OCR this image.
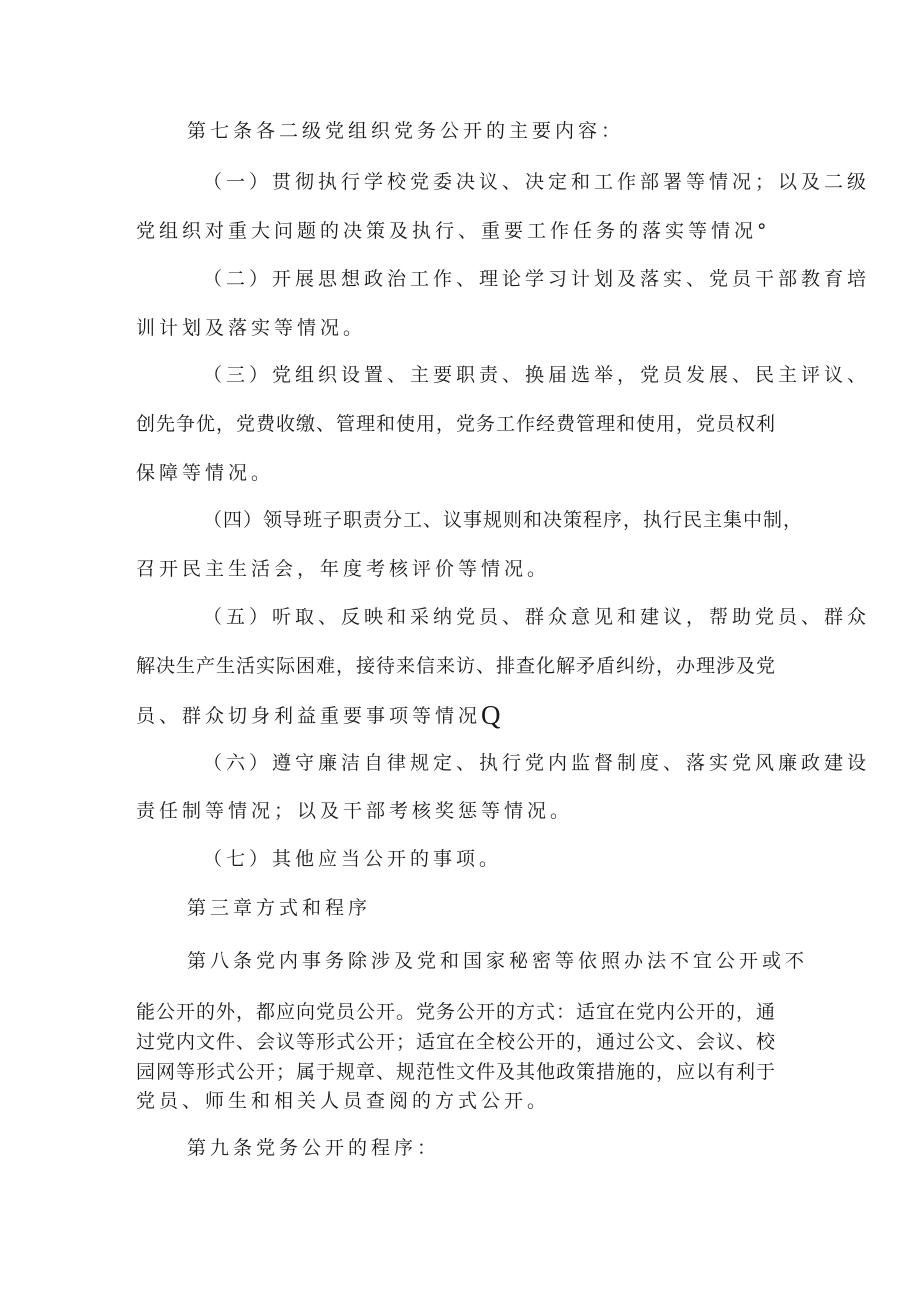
第七条各二级党组织党务公开的主要内容：

（一）贯彻执行学校党委决议、决定和工作部署等情况；以及二级

党组织对重大问题的决策及执行、重要工作任务的落实等情况°

（二）开展思想政治工作、理论学习计划及落实、党员干部教育培

训计划及落实等情况。

（三）党组织设置、主要职责、换届选举，党员发展、民主评议、

创先争优，党费收缴、管理和使用，党务工作经费管理和使用，党员权利

保障等情况。

（四）领导班子职责分工、议事规则和决策程序，执行民主集中制，

召开民主生活会，年度考核评价等情况。

（五）听取、反映和采纳党员、群众意见和建议，帮助党员、群众

解决生产生活实际困难，接待来信来访、排查化解矛盾纠纷，办理涉及党

员、群众切身利益重要事项等情况Q

（六）遵守廉洁自律规定、执行党内监督制度、落实党风廉政建设

责任制等情况；以及干部考核奖惩等情况。

（七）其他应当公开的事项。

第三章方式和程序

第八条党内事务除涉及党和国家秘密等依照办法不宜公开或不

能公开的外，都应向党员公开。党务公开的方式：适宜在党内公开的，通

过党内文件、会议等形式公开；适宜在全校公开的，通过公文、会议、校

园网等形式公开；属于规章、规范性文件及其他政策措施的，应以有利于

党员、师生和相关人员查阅的方式公开。

第九条党务公开的程序：
